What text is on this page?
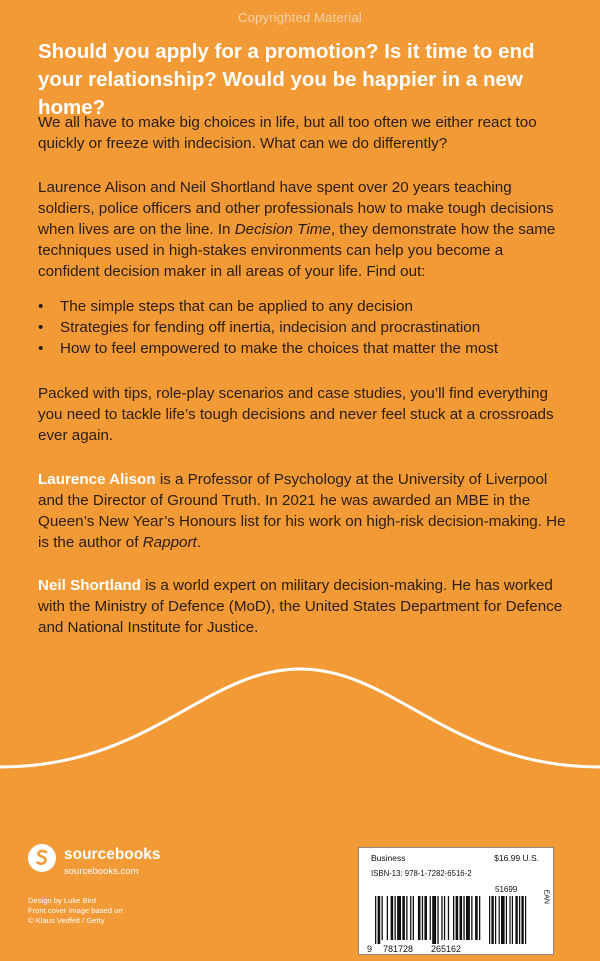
Copyrighted Material
Should you apply for a promotion? Is it time to end your relationship? Would you be happier in a new home?
We all have to make big choices in life, but all too often we either react too quickly or freeze with indecision. What can we do differently?
Laurence Alison and Neil Shortland have spent over 20 years teaching soldiers, police officers and other professionals how to make tough decisions when lives are on the line. In Decision Time, they demonstrate how the same techniques used in high-stakes environments can help you become a confident decision maker in all areas of your life. Find out:
•	The simple steps that can be applied to any decision
•	Strategies for fending off inertia, indecision and procrastination
•	How to feel empowered to make the choices that matter the most
Packed with tips, role-play scenarios and case studies, you’ll find everything you need to tackle life’s tough decisions and never feel stuck at a crossroads ever again.
Laurence Alison is a Professor of Psychology at the University of Liverpool and the Director of Ground Truth. In 2021 he was awarded an MBE in the Queen’s New Year’s Honours list for his work on high-risk decision-making. He is the author of Rapport.
Neil Shortland is a world expert on military decision-making. He has worked with the Ministry of Defence (MoD), the United States Department for Defence and National Institute for Justice.
sourcebooks
sourcebooks.com
Design by Luke Bird
Front cover image based on
© Klaus Vedfelt / Getty
Business	$16.99 U.S.
ISBN-13: 978-1-7282-6516-2
51699
9 781728 265162
EAN
